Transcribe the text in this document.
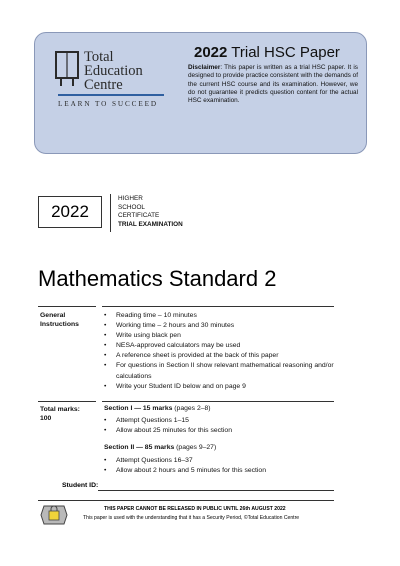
Total
Education
Centre
LEARN TO SUCCEED
2022 Trial HSC Paper
Disclaimer: This paper is written as a trial HSC paper. It is designed to provide practice consistent with the demands of the current HSC course and its examination. However, we do not guarantee it predicts question content for the actual HSC examination.
2022
HIGHER
SCHOOL
CERTIFICATE
TRIAL EXAMINATION
Mathematics Standard 2
General
Instructions
• Reading time – 10 minutes
• Working time – 2 hours and 30 minutes
• Write using black pen
• NESA-approved calculators may be used
• A reference sheet is provided at the back of this paper
• For questions in Section II show relevant mathematical reasoning and/or calculations
• Write your Student ID below and on page 9
Total marks:
100
Section I — 15 marks (pages 2–8)
• Attempt Questions 1–15
• Allow about 25 minutes for this section
Section II — 85 marks (pages 9–27)
• Attempt Questions 16–37
• Allow about 2 hours and 5 minutes for this section
Student ID:
THIS PAPER CANNOT BE RELEASED IN PUBLIC UNTIL 26th AUGUST 2022
This paper is used with the understanding that it has a Security Period, ©Total Education Centre
